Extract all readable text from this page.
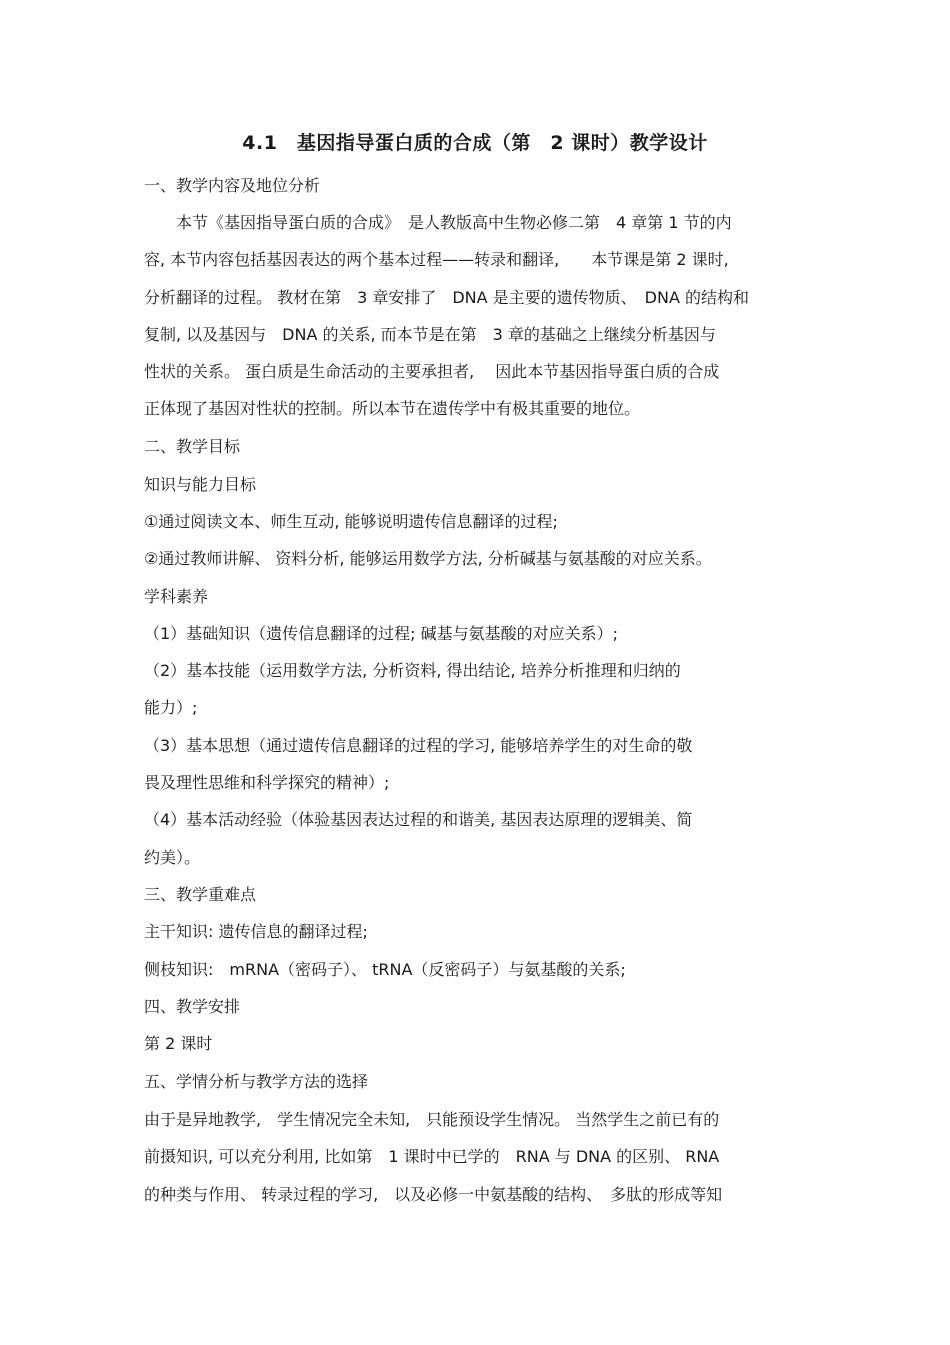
4.1　基因指导蛋白质的合成（第　2 课时）教学设计
一、教学内容及地位分析
本节《基因指导蛋白质的合成》　是人教版高中生物必修二第　4 章第 1 节的内
容, 本节内容包括基因表达的两个基本过程——转录和翻译,　　本节课是第 2 课时,
分析翻译的过程。 教材在第　3 章安排了　DNA 是主要的遗传物质、　DNA 的结构和
复制, 以及基因与　DNA 的关系, 而本节是在第　3 章的基础之上继续分析基因与
性状的关系。 蛋白质是生命活动的主要承担者,　 因此本节基因指导蛋白质的合成
正体现了基因对性状的控制。所以本节在遗传学中有极其重要的地位。
二、教学目标
知识与能力目标
①通过阅读文本、师生互动, 能够说明遗传信息翻译的过程;
②通过教师讲解、 资料分析, 能够运用数学方法, 分析碱基与氨基酸的对应关系。
学科素养
（1）基础知识（遗传信息翻译的过程; 碱基与氨基酸的对应关系）;
（2）基本技能（运用数学方法, 分析资料, 得出结论, 培养分析推理和归纳的
能力）;
（3）基本思想（通过遗传信息翻译的过程的学习, 能够培养学生的对生命的敬
畏及理性思维和科学探究的精神）;
（4）基本活动经验（体验基因表达过程的和谐美, 基因表达原理的逻辑美、简
约美）。
三、教学重难点
主干知识: 遗传信息的翻译过程;
侧枝知识:　mRNA（密码子）、 tRNA（反密码子）与氨基酸的关系;
四、教学安排
第 2 课时
五、学情分析与教学方法的选择
由于是异地教学,　学生情况完全未知,　只能预设学生情况。 当然学生之前已有的
前摄知识, 可以充分利用, 比如第　1 课时中已学的　RNA 与 DNA 的区别、 RNA
的种类与作用、 转录过程的学习,　以及必修一中氨基酸的结构、　多肽的形成等知
